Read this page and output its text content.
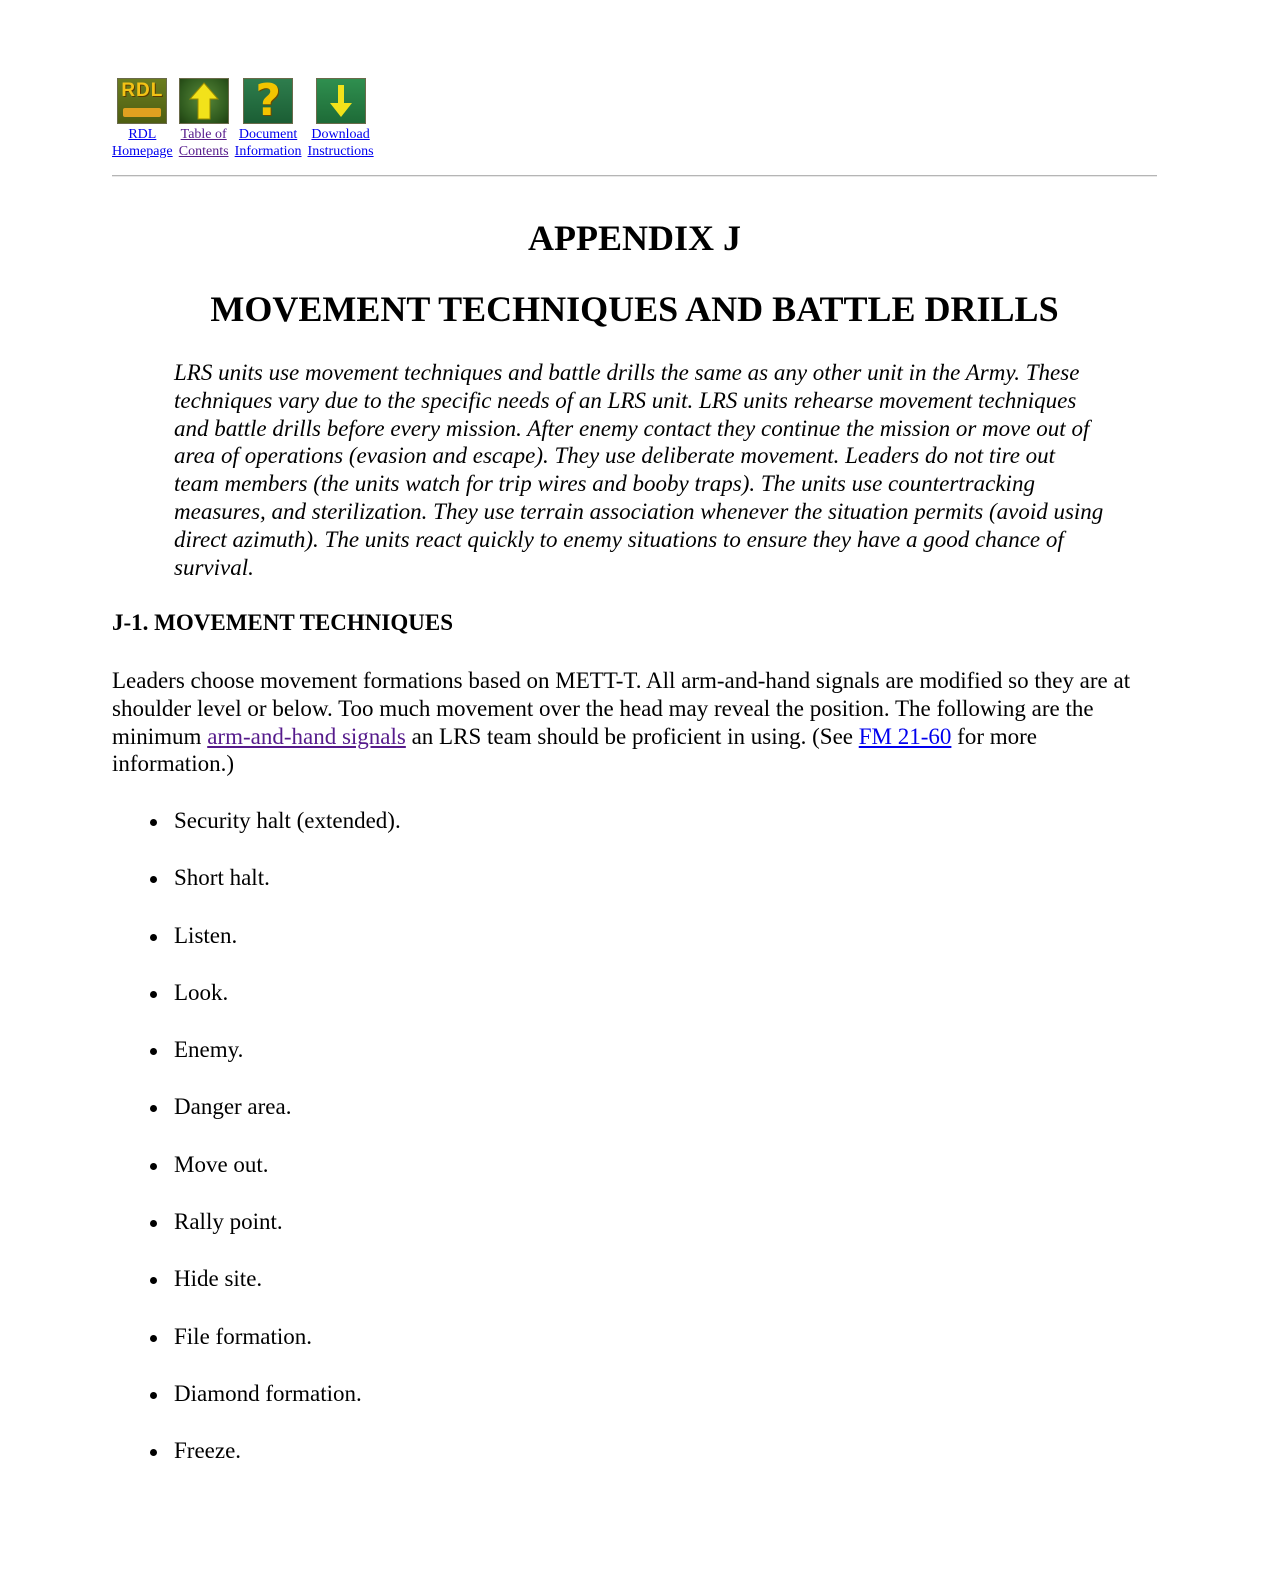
RDL
RDL
Homepage
Table of
Contents
?
Document
Information
Download
Instructions
APPENDIX J
MOVEMENT TECHNIQUES AND BATTLE DRILLS

LRS units use movement techniques and battle drills the same as any other unit in the Army. These techniques vary due to the specific needs of an LRS unit. LRS units rehearse movement techniques and battle drills before every mission. After enemy contact they continue the mission or move out of area of operations (evasion and escape). They use deliberate movement. Leaders do not tire out team members (the units watch for trip wires and booby traps). The units use countertracking measures, and sterilization. They use terrain association whenever the situation permits (avoid using direct azimuth). The units react quickly to enemy situations to ensure they have a good chance of survival.

J-1. MOVEMENT TECHNIQUES

Leaders choose movement formations based on METT-T. All arm-and-hand signals are modified so they are at shoulder level or below. Too much movement over the head may reveal the position. The following are the minimum arm-and-hand signals an LRS team should be proficient in using. (See FM 21-60 for more information.)

Security halt (extended).
Short halt.
Listen.
Look.
Enemy.
Danger area.
Move out.
Rally point.
Hide site.
File formation.
Diamond formation.
Freeze.
